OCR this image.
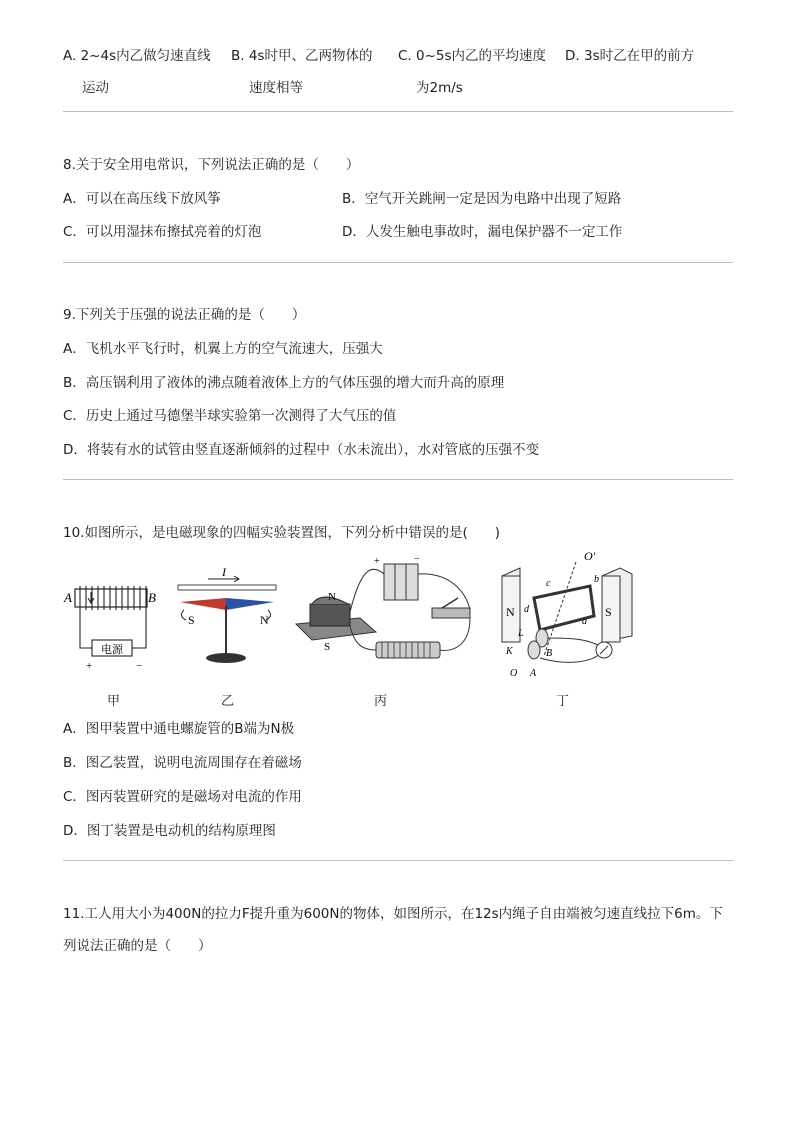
A. 2~4s内乙做匀速直线
运动
B. 4s时甲、乙两物体的
速度相等
C. 0~5s内乙的平均速度
为2m/s
D. 3s时乙在甲的前方
8.关于安全用电常识，下列说法正确的是（　　）
A．可以在高压线下放风筝	B．空气开关跳闸一定是因为电路中出现了短路
C．可以用湿抹布擦拭亮着的灯泡	D．人发生触电事故时，漏电保护器不一定工作
9.下列关于压强的说法正确的是（　　）
A．飞机水平飞行时，机翼上方的空气流速大，压强大
B．高压锅利用了液体的沸点随着液体上方的气体压强的增大而升高的原理
C．历史上通过马德堡半球实验第一次测得了大气压的值
D．将装有水的试管由竖直逐渐倾斜的过程中（水未流出），水对管底的压强不变
10.如图所示，是电磁现象的四幅实验装置图，下列分析中错误的是(　　)
A	B
电源
+	−
I
S	N
N
S
+	−	O′
N	S
c	b
d
a
L
B
K
O A
甲	乙	丙	丁
A．图甲装置中通电螺旋管的B端为N极
B．图乙装置，说明电流周围存在着磁场
C．图丙装置研究的是磁场对电流的作用
D．图丁装置是电动机的结构原理图
11.工人用大小为400N的拉力F提升重为600N的物体，如图所示，在12s内绳子自由端被匀速直线拉下6m。下
列说法正确的是（　　）
